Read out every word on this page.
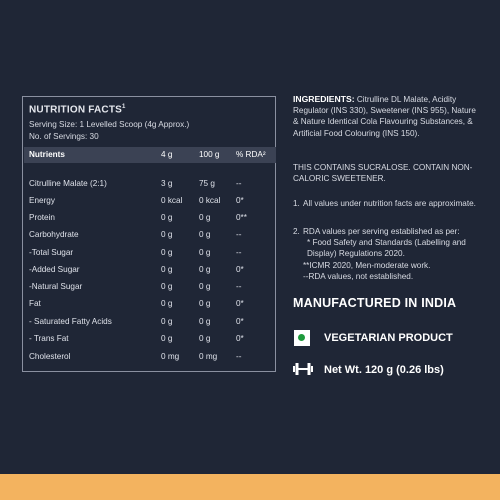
NUTRITION FACTS$^1$
Serving Size: 1 Levelled Scoop (4g Approx.)
No. of Servings: 30
Nutrients	4 g	100 g % RDA²
Citrulline Malate (2:1)	3 g	75 g	--
Energy	0 kcal 0 kcal 0*
Protein	0 g	0 g	0**
Carbohydrate	0 g	0 g	--
-Total Sugar	0 g	0 g	--
-Added Sugar	0 g	0 g	0*
-Natural Sugar	0 g	0 g	--
Fat	0 g	0 g	0*
- Saturated Fatty Acids	0 g	0 g	0*
- Trans Fat	0 g	0 g	0*
Cholesterol	0 mg 0 mg --
INGREDIENTS: Citrulline DL Malate, Acidity Regulator (INS 330), Sweetener (INS 955), Nature & Nature Identical Cola Flavouring Substances, & Artificial Food Colouring (INS 150).
THIS CONTAINS SUCRALOSE. CONTAIN NON-CALORIC SWEETENER.
1. All values under nutrition facts are approximate.
2. RDA values per serving established as per:
* Food Safety and Standards (Labelling and Display) Regulations 2020.
**ICMR 2020, Men-moderate work.
--RDA values, not established.
MANUFACTURED IN INDIA
VEGETARIAN PRODUCT
Net Wt. 120 g (0.26 lbs)
